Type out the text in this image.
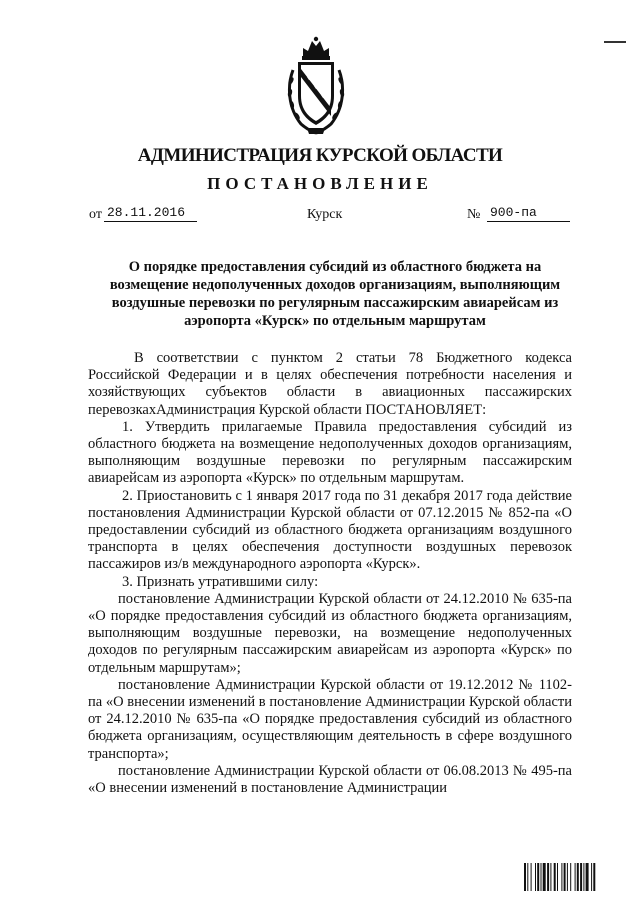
АДМИНИСТРАЦИЯ КУРСКОЙ ОБЛАСТИ
ПОСТАНОВЛЕНИЕ
от 28.11.2016	Курск	№ 900-па
О порядке предоставления субсидий из областного бюджета на возмещение недополученных доходов организациям, выполняющим воздушные перевозки по регулярным пассажирским авиарейсам из аэропорта «Курск» по отдельным маршрутам

В соответствии с пунктом 2 статьи 78 Бюджетного кодекса Российской Федерации и в целях обеспечения потребности населения и хозяйствующих субъектов области в авиационных пассажирских перевозкахАдминистрация Курской области ПОСТАНОВЛЯЕТ:

1. Утвердить прилагаемые Правила предоставления субсидий из областного бюджета на возмещение недополученных доходов организациям, выполняющим воздушные перевозки по регулярным пассажирским авиарейсам из аэропорта «Курск» по отдельным маршрутам.

2. Приостановить с 1 января 2017 года по 31 декабря 2017 года действие постановления Администрации Курской области от 07.12.2015 № 852-па «О предоставлении субсидий из областного бюджета организациям воздушного транспорта в целях обеспечения доступности воздушных перевозок пассажиров из/в международного аэропорта «Курск».

3. Признать утратившими силу:

постановление Администрации Курской области от 24.12.2010 № 635-па «О порядке предоставления субсидий из областного бюджета организациям, выполняющим воздушные перевозки, на возмещение недополученных доходов по регулярным пассажирским авиарейсам из аэропорта «Курск» по отдельным маршрутам»;

постановление Администрации Курской области от 19.12.2012 № 1102-па «О внесении изменений в постановление Администрации Курской области от 24.12.2010 № 635-па «О порядке предоставления субсидий из областного бюджета организациям, осуществляющим деятельность в сфере воздушного транспорта»;

постановление Администрации Курской области от 06.08.2013 № 495-па «О внесении изменений в постановление Администрации
